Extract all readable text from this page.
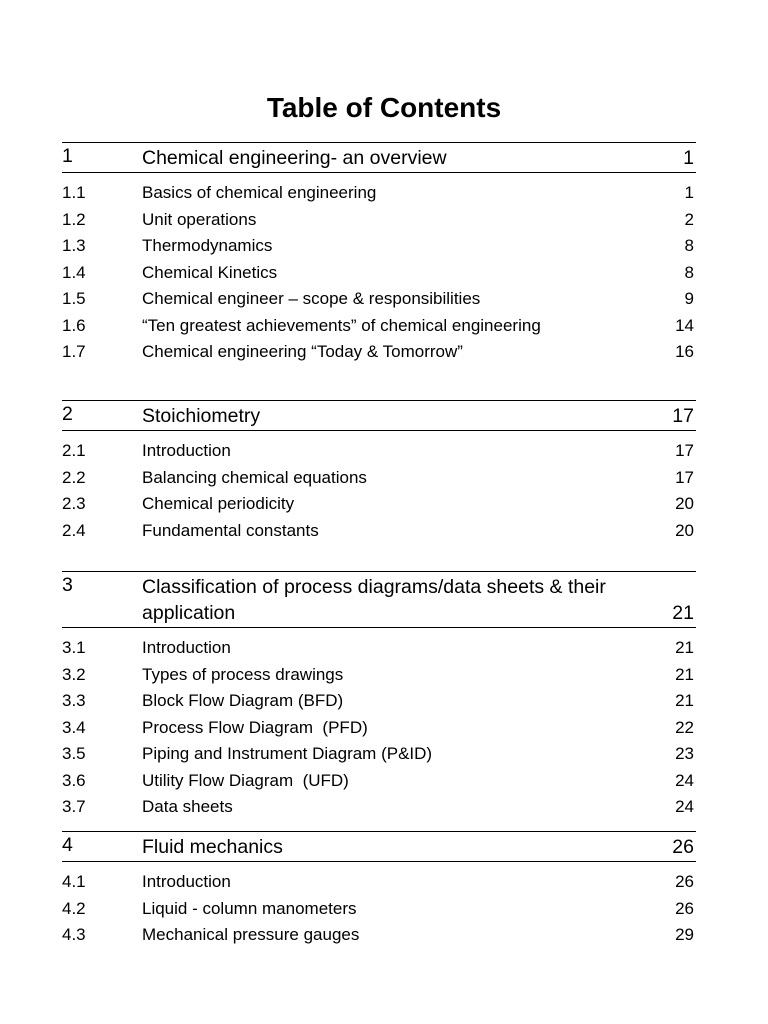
Table of Contents
1	Chemical engineering- an overview	1
1.1	Basics of chemical engineering	1
1.2	Unit operations	2
1.3	Thermodynamics	8
1.4	Chemical Kinetics	8
1.5	Chemical engineer – scope & responsibilities	9
1.6	“Ten greatest achievements” of chemical engineering	14
1.7	Chemical engineering “Today & Tomorrow”	16
2	Stoichiometry	17
2.1	Introduction	17
2.2	Balancing chemical equations	17
2.3	Chemical periodicity	20
2.4	Fundamental constants	20
3	Classification of process diagrams/data sheets & their application	21
3.1	Introduction	21
3.2	Types of process drawings	21
3.3	Block Flow Diagram (BFD)	21
3.4	Process Flow Diagram  (PFD)	22
3.5	Piping and Instrument Diagram (P&ID)	23
3.6	Utility Flow Diagram  (UFD)	24
3.7	Data sheets	24
4	Fluid mechanics	26
4.1	Introduction	26
4.2	Liquid - column manometers	26
4.3	Mechanical pressure gauges	29
